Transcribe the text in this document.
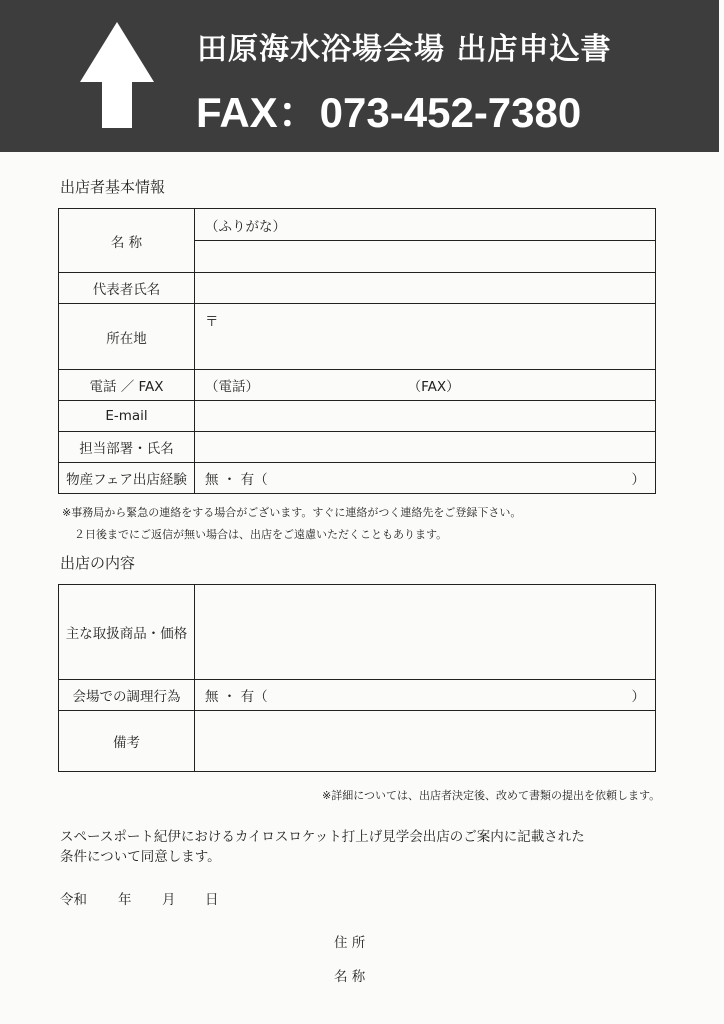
田原海水浴場会場 出店申込書
FAX：073-452-7380
出店者基本情報
名 称	（ふりがな）

代表者氏名	
所在地	〒
電話 ／ FAX	（電話） （FAX）
E-mail	
担当部署・氏名	
物産フェア出店経験	無 ・ 有（ ）
※事務局から緊急の連絡をする場合がございます。すぐに連絡がつく連絡先をご登録下さい。
２日後までにご返信が無い場合は、出店をご遠慮いただくこともあります。
出店の内容
主な取扱商品・価格	
会場での調理行為	無 ・ 有（ ）

備考	
※詳細については、出店者決定後、改めて書類の提出を依頼します。
スペースポート紀伊におけるカイロスロケット打上げ見学会出店のご案内に記載された
条件について同意します。
令和 年 月 日
住 所
名 称
